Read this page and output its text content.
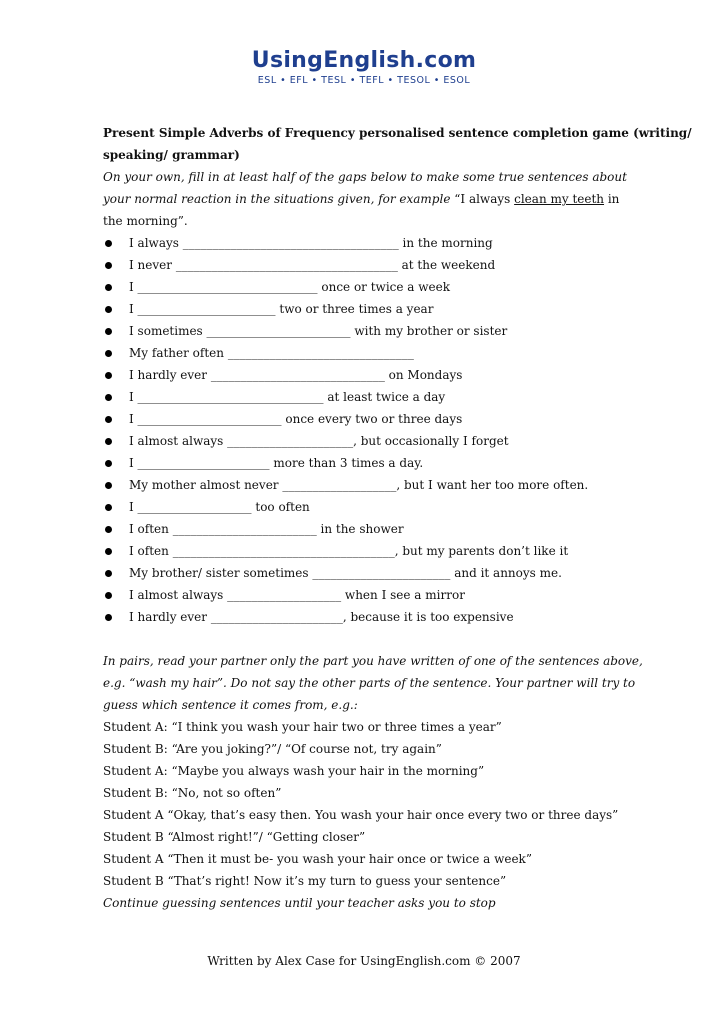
UsingEnglish.com
ESL • EFL • TESL • TEFL • TESOL • ESOL
Present Simple Adverbs of Frequency personalised sentence completion game (writing/
speaking/ grammar)
On your own, fill in at least half of the gaps below to make some true sentences about
your normal reaction in the situations given, for example “I always clean my teeth in
the morning”.
I always ____________________________________ in the morning
I never _____________________________________ at the weekend
I ______________________________ once or twice a week
I _______________________ two or three times a year
I sometimes ________________________ with my brother or sister
My father often _______________________________
I hardly ever _____________________________ on Mondays
I _______________________________ at least twice a day
I ________________________ once every two or three days
I almost always _____________________, but occasionally I forget
I ______________________ more than 3 times a day.
My mother almost never ___________________, but I want her too more often.
I ___________________ too often
I often ________________________ in the shower
I often _____________________________________, but my parents don’t like it
My brother/ sister sometimes _______________________ and it annoys me.
I almost always ___________________ when I see a mirror
I hardly ever ______________________, because it is too expensive
In pairs, read your partner only the part you have written of one of the sentences above,
e.g. “wash my hair”. Do not say the other parts of the sentence. Your partner will try to
guess which sentence it comes from, e.g.:
Student A: “I think you wash your hair two or three times a year”
Student B: “Are you joking?”/ “Of course not, try again”
Student A: “Maybe you always wash your hair in the morning”
Student B: “No, not so often”
Student A “Okay, that’s easy then. You wash your hair once every two or three days”
Student B “Almost right!”/ “Getting closer”
Student A “Then it must be- you wash your hair once or twice a week”
Student B “That’s right! Now it’s my turn to guess your sentence”
Continue guessing sentences until your teacher asks you to stop
Written by Alex Case for UsingEnglish.com © 2007
